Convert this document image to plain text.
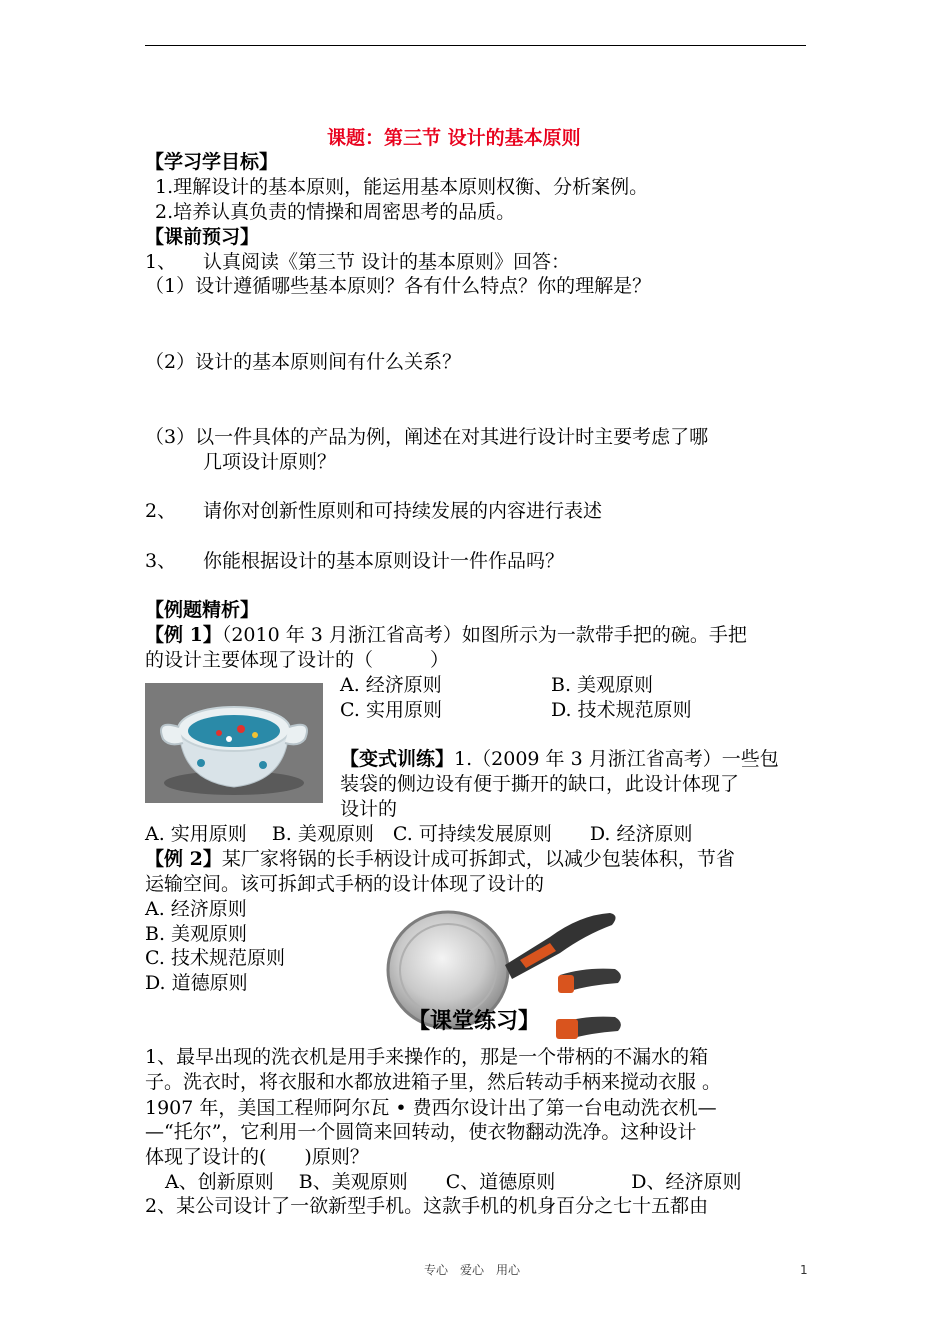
课题：第三节 设计的基本原则
【学习学目标】
1.理解设计的基本原则，能运用基本原则权衡、分析案例。
2.培养认真负责的情操和周密思考的品质。
【课前预习】
1、 认真阅读《第三节 设计的基本原则》回答：
（1）设计遵循哪些基本原则？各有什么特点？你的理解是？
（2）设计的基本原则间有什么关系？
（3）以一件具体的产品为例，阐述在对其进行设计时主要考虑了哪
几项设计原则？
2、 请你对创新性原则和可持续发展的内容进行表述
3、 你能根据设计的基本原则设计一件作品吗？
【例题精析】
【例 1】（2010 年 3 月浙江省高考）如图所示为一款带手把的碗。手把
的设计主要体现了设计的（　　　）
A. 经济原则	B. 美观原则
C. 实用原则	D. 技术规范原则
【变式训练】1.（2009 年 3 月浙江省高考）一些包
装袋的侧边设有便于撕开的缺口，此设计体现了
设计的
A. 实用原则　 B. 美观原则　C. 可持续发展原则　　D. 经济原则
【例 2】某厂家将锅的长手柄设计成可拆卸式，以减少包装体积，节省
运输空间。该可拆卸式手柄的设计体现了设计的
A. 经济原则
B. 美观原则
C. 技术规范原则
D. 道德原则
【课堂练习】
1、最早出现的洗衣机是用手来操作的，那是一个带柄的不漏水的箱
子。洗衣时，将衣服和水都放进箱子里，然后转动手柄来搅动衣服 。
1907 年，美国工程师阿尔瓦 • 费西尔设计出了第一台电动洗衣机—
—“托尔”，它利用一个圆筒来回转动，使衣物翻动洗净。这种设计
体现了设计的(　　)原则？
A、创新原则　 B、美观原则　　C、道德原则　　　　D、经济原则
2、某公司设计了一欲新型手机。这款手机的机身百分之七十五都由
专心　爱心　用心	1
